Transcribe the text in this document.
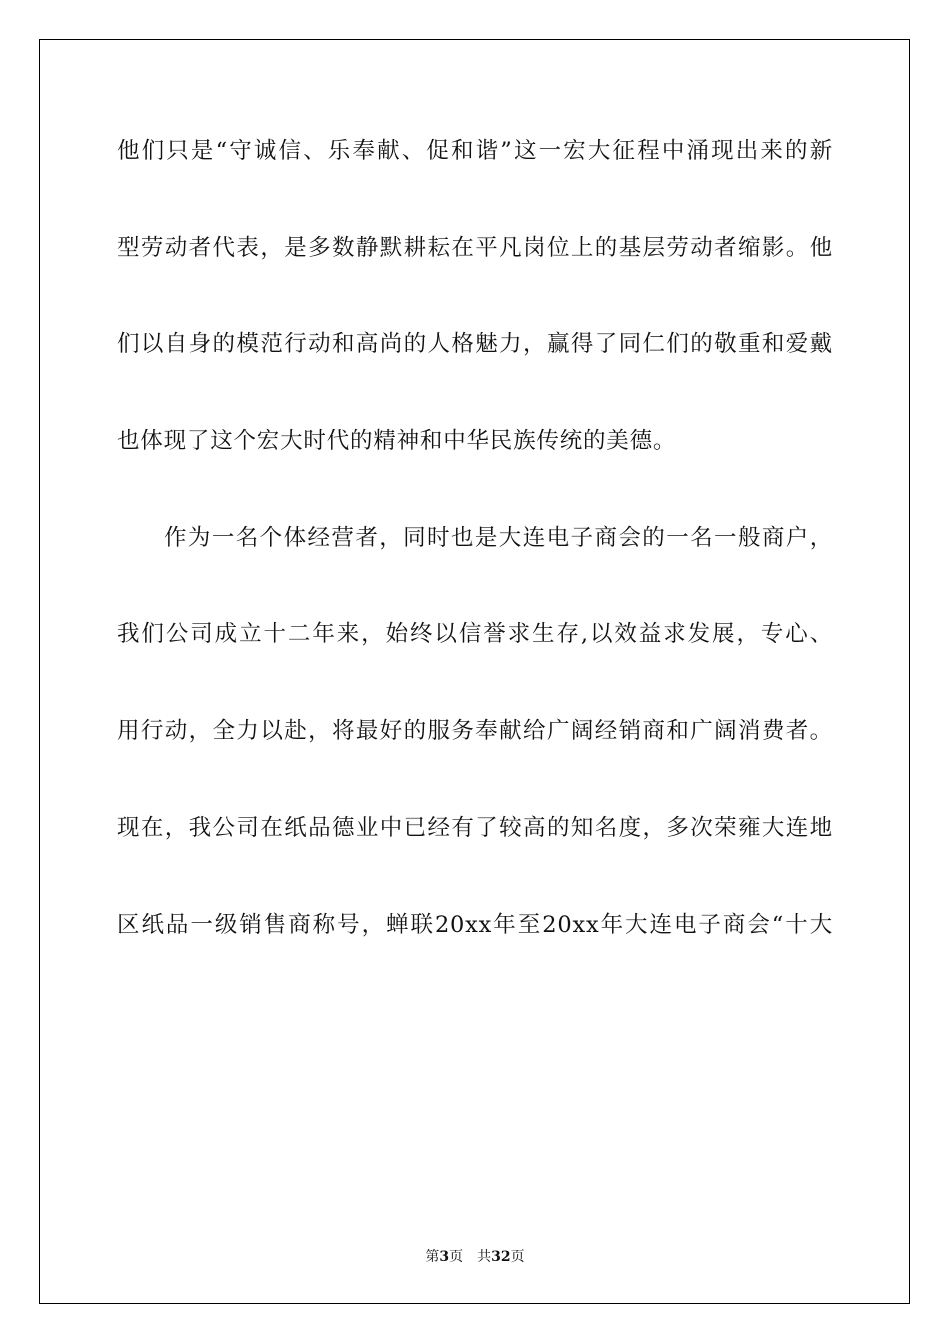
他们只是“守诚信、乐奉献、促和谐”这一宏大征程中涌现出来的新
型劳动者代表，是多数静默耕耘在平凡岗位上的基层劳动者缩影。他
们以自身的模范行动和高尚的人格魅力，赢得了同仁们的敬重和爱戴
也体现了这个宏大时代的精神和中华民族传统的美德。
作为一名个体经营者，同时也是大连电子商会的一名一般商户，
我们公司成立十二年来，始终以信誉求生存,以效益求发展，专心、
用行动，全力以赴，将最好的服务奉献给广阔经销商和广阔消费者。
现在，我公司在纸品德业中已经有了较高的知名度，多次荣雍大连地
区纸品一级销售商称号，蝉联20xx年至20xx年大连电子商会“十大
第3页 共32页
